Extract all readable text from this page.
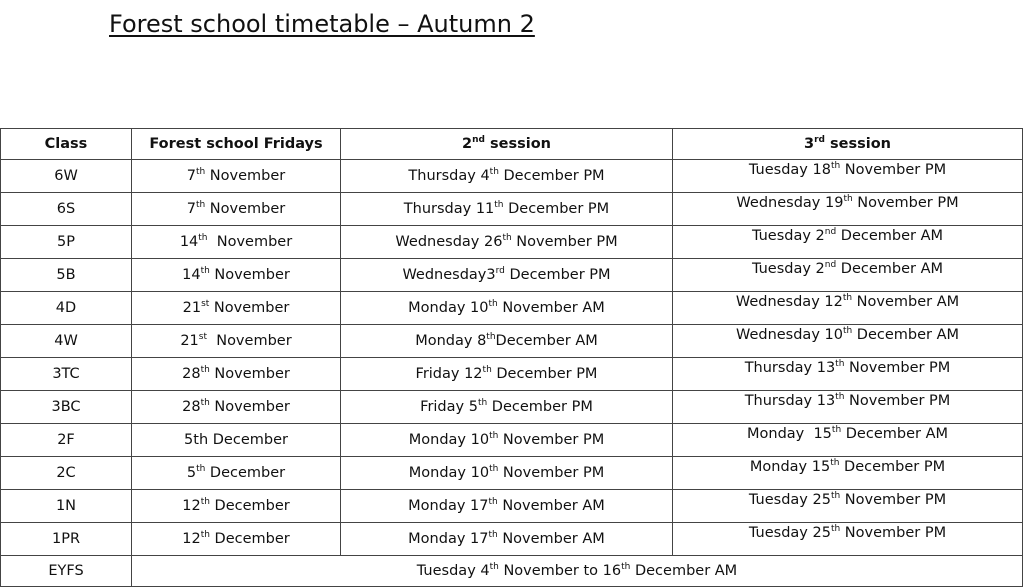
Forest school timetable – Autumn 2
Class	Forest school Fridays	2nd session	3rd session
6W	7th November	Thursday 4th December PM	Tuesday 18th November PM
6S	7th November	Thursday 11th December PM	Wednesday 19th November PM
5P	14th  November	Wednesday 26th November PM	Tuesday 2nd December AM
5B	14th November	Wednesday3rd December PM	Tuesday 2nd December AM
4D	21st November	Monday 10th November AM	Wednesday 12th November AM
4W	21st  November	Monday 8thDecember AM	Wednesday 10th December AM
3TC	28th November	Friday 12th December PM	Thursday 13th November PM
3BC	28th November	Friday 5th December PM	Thursday 13th November PM
2F	5th December	Monday 10th November PM	Monday  15th December AM
2C	5th December	Monday 10th November PM	Monday 15th December PM
1N	12th December	Monday 17th November AM	Tuesday 25th November PM
1PR	12th December	Monday 17th November AM	Tuesday 25th November PM
EYFS	Tuesday 4th November to 16th December AM		
